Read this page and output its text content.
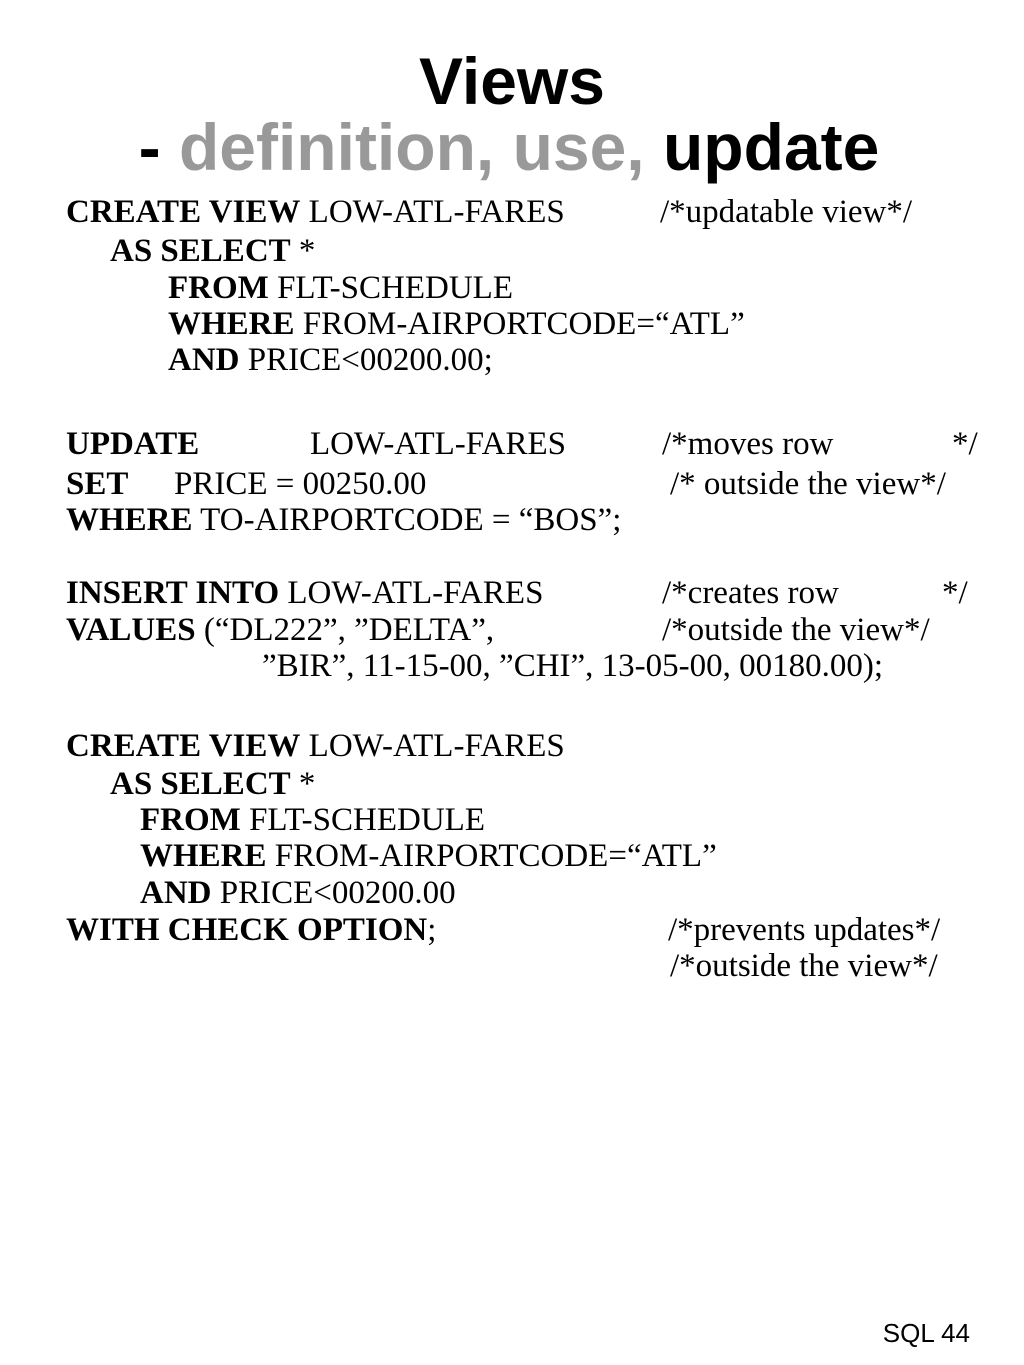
Views
- definition, use, update
CREATE VIEW LOW-ATL-FARES	/*updatable view*/
AS SELECT *
FROM FLT-SCHEDULE
WHERE FROM-AIRPORTCODE=“ATL”
AND PRICE<00200.00;
UPDATE	LOW-ATL-FARES	/*moves row	*/
SET PRICE = 00250.00	/* outside the view*/
WHERE TO-AIRPORTCODE = “BOS”;
INSERT INTO LOW-ATL-FARES	/*creates row	*/
VALUES (“DL222”, ”DELTA”,	/*outside the view*/
”BIR”, 11-15-00, ”CHI”, 13-05-00, 00180.00);
CREATE VIEW LOW-ATL-FARES
AS SELECT *
FROM FLT-SCHEDULE
WHERE FROM-AIRPORTCODE=“ATL”
AND PRICE<00200.00
WITH CHECK OPTION;	/*prevents updates*/
/*outside the view*/
SQL 44
